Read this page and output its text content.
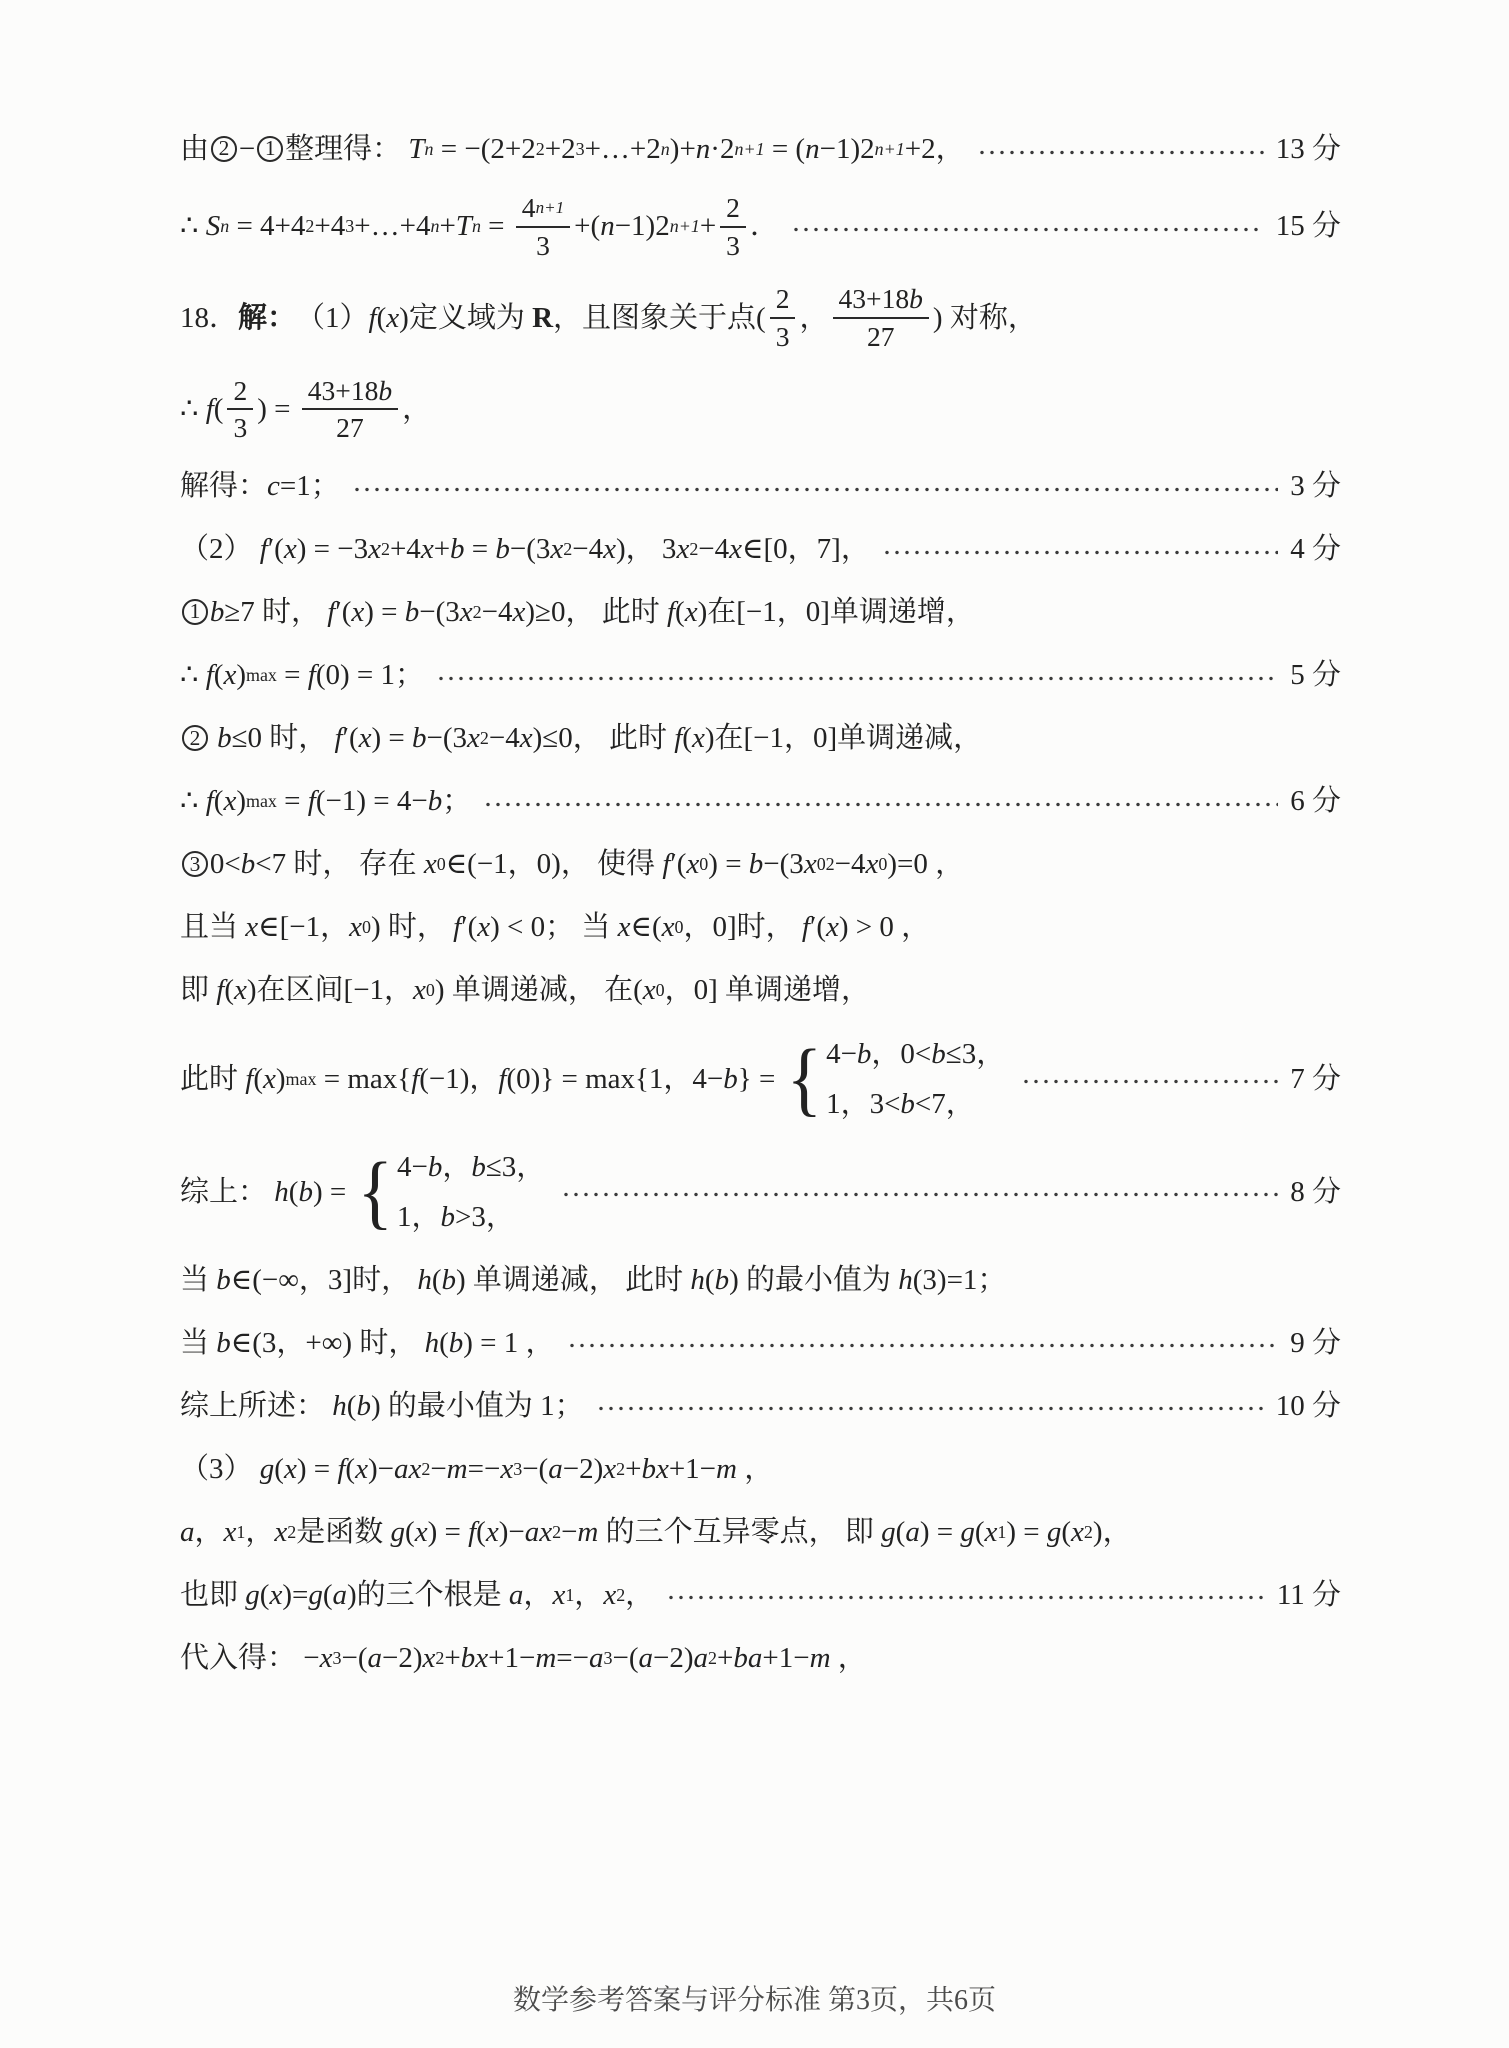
由 2 − 1 整理得： T n = −(2+2 2 +2 3 +…+2 n )+ n ·2 n+1 = ( n −1)2 n+1 +2，	13 分
∴ S n = 4+4 2 +4 3 +…+4 n + T $n = \frac{4 n+1}{3}$ +( n −1)2 $n+1 + \frac{2}{3}$ ．	15 分
18． 解： （1） f ( x )定义域为 R ，且图象关于点( $\frac{2}{3}$ ， $\frac{43+18 b}{27}$ ) 对称，
∴ f ( $\frac{2}{3}$ ) = $\frac{43+18 b}{27}$ ，
解得： c =1；	3 分
（2） f ′( x ) = −3 x 2 +4 x + b = b −(3 x 2 −4 x )， 3 x 2 −4 x ∈[0，7]，	4 分
1 b ≥7 时， f ′( x ) = b −(3 x 2 −4 x )≥0， 此时 f ( x )在[−1，0]单调递增，
∴ f ( x ) max = f (0) = 1；	5 分
2
b ≤0 时， f ′( x ) = b −(3 x 2 −4 x )≤0， 此时 f ( x )在[−1，0]单调递减，
∴ f ( x ) max = f (−1) = 4− b ；	6 分
3 0< b <7 时， 存在 x 0 ∈(−1，0)， 使得 f ′( x 0 ) = b −(3 x 0 2 −4 x 0 )=0 ，
且当 x ∈[−1， x 0 ) 时， f ′( x ) < 0； 当 x ∈( x 0 ，0]时， f ′( x ) > 0 ，
即 f ( x )在区间[−1， x 0 ) 单调递减， 在( x 0 ，0] 单调递增，
此时 f ( x ) max = max{ f (−1)， f (0)} = max{1，4− b } = { 4− b ，0< b ≤3，
1，3< b <7，
7 分
综上： h ( b ) = { 4− b ， b ≤3，
1， b >3，
8 分
当 b ∈(−∞，3]时， h ( b ) 单调递减， 此时 h ( b ) 的最小值为 h (3)=1；
当 b ∈(3，+∞) 时， h ( b ) = 1 ，	9 分
综上所述： h ( b ) 的最小值为 1；	10 分
（3） g ( x ) = f ( x )− ax 2 − m =− x 3 −( a −2) x 2 + bx +1− m ，
a ， x 1 ， x 2 是函数 g ( x ) = f ( x )− ax 2 − m 的三个互异零点， 即 g ( a ) = g ( x 1 ) = g ( x 2 )，
也即 g ( x )= g ( a )的三个根是 a ， x 1 ， x 2 ，	11 分
代入得： − x 3 −( a −2) x 2 + bx +1− m =− a 3 −( a −2) a 2 + ba +1− m ，
数学参考答案与评分标准 第3页，共6页
